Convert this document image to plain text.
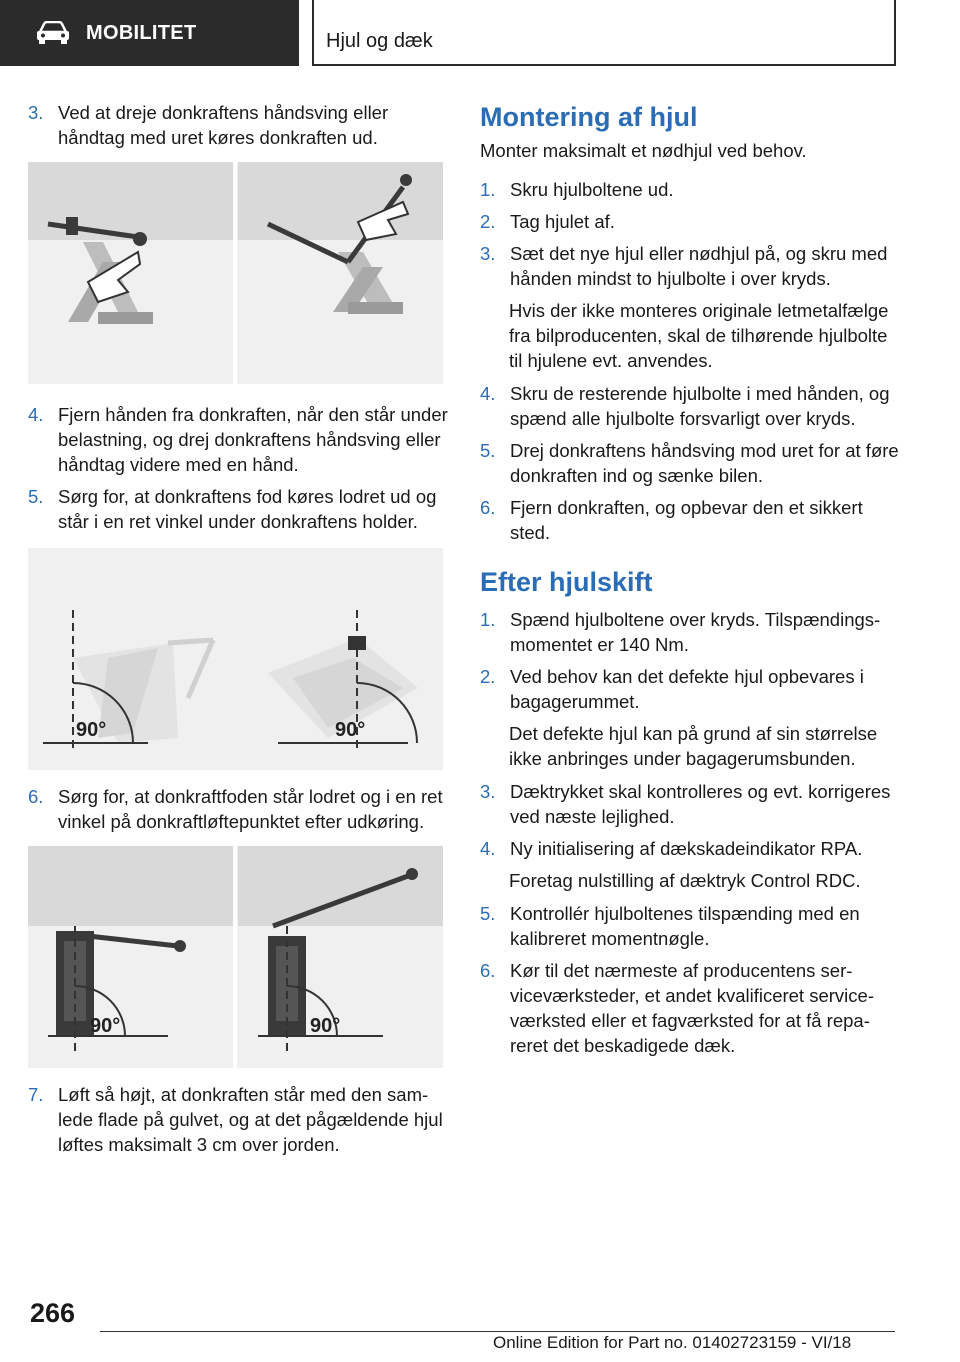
MOBILITET	Hjul og dæk
3. Ved at dreje donkraftens håndsving eller håndtag med uret køres donkraften ud.
4. Fjern hånden fra donkraften, når den står under belastning, og drej donkraftens håndsving eller håndtag videre med en hånd.
5. Sørg for, at donkraftens fod køres lodret ud og står i en ret vinkel under donkraftens holder.
90°	90°
6. Sørg for, at donkraftfoden står lodret og i en ret vinkel på donkraftløftepunktet efter udkøring.
90°	90°
7. Løft så højt, at donkraften står med den samlede flade på gulvet, og at det pågældende hjul løftes maksimalt 3 cm over jorden.
Montering af hjul
Monter maksimalt et nødhjul ved behov.
1. Skru hjulboltene ud.
2. Tag hjulet af.
3. Sæt det nye hjul eller nødhjul på, og skru med hånden mindst to hjulbolte i over kryds.
Hvis der ikke monteres originale letmetalfælge fra bilproducenten, skal de tilhørende hjulbolte til hjulene evt. anvendes.
4. Skru de resterende hjulbolte i med hånden, og spænd alle hjulbolte forsvarligt over kryds.
5. Drej donkraftens håndsving mod uret for at føre donkraften ind og sænke bilen.
6. Fjern donkraften, og opbevar den et sikkert sted.
Efter hjulskift
1. Spænd hjulboltene over kryds. Tilspændingsmomentet er 140 Nm.
2. Ved behov kan det defekte hjul opbevares i bagagerummet.
Det defekte hjul kan på grund af sin størrelse ikke anbringes under bagagerumsbunden.
3. Dæktrykket skal kontrolleres og evt. korrigeres ved næste lejlighed.
4. Ny initialisering af dækskadeindikator RPA.
Foretag nulstilling af dæktryk Control RDC.
5. Kontrollér hjulboltenes tilspænding med en kalibreret momentnøgle.
6. Kør til det nærmeste af producentens serviceværksteder, et andet kvalificeret serviceværksted eller et fagværksted for at få repareret det beskadigede dæk.
266
Online Edition for Part no. 01402723159 - VI/18
